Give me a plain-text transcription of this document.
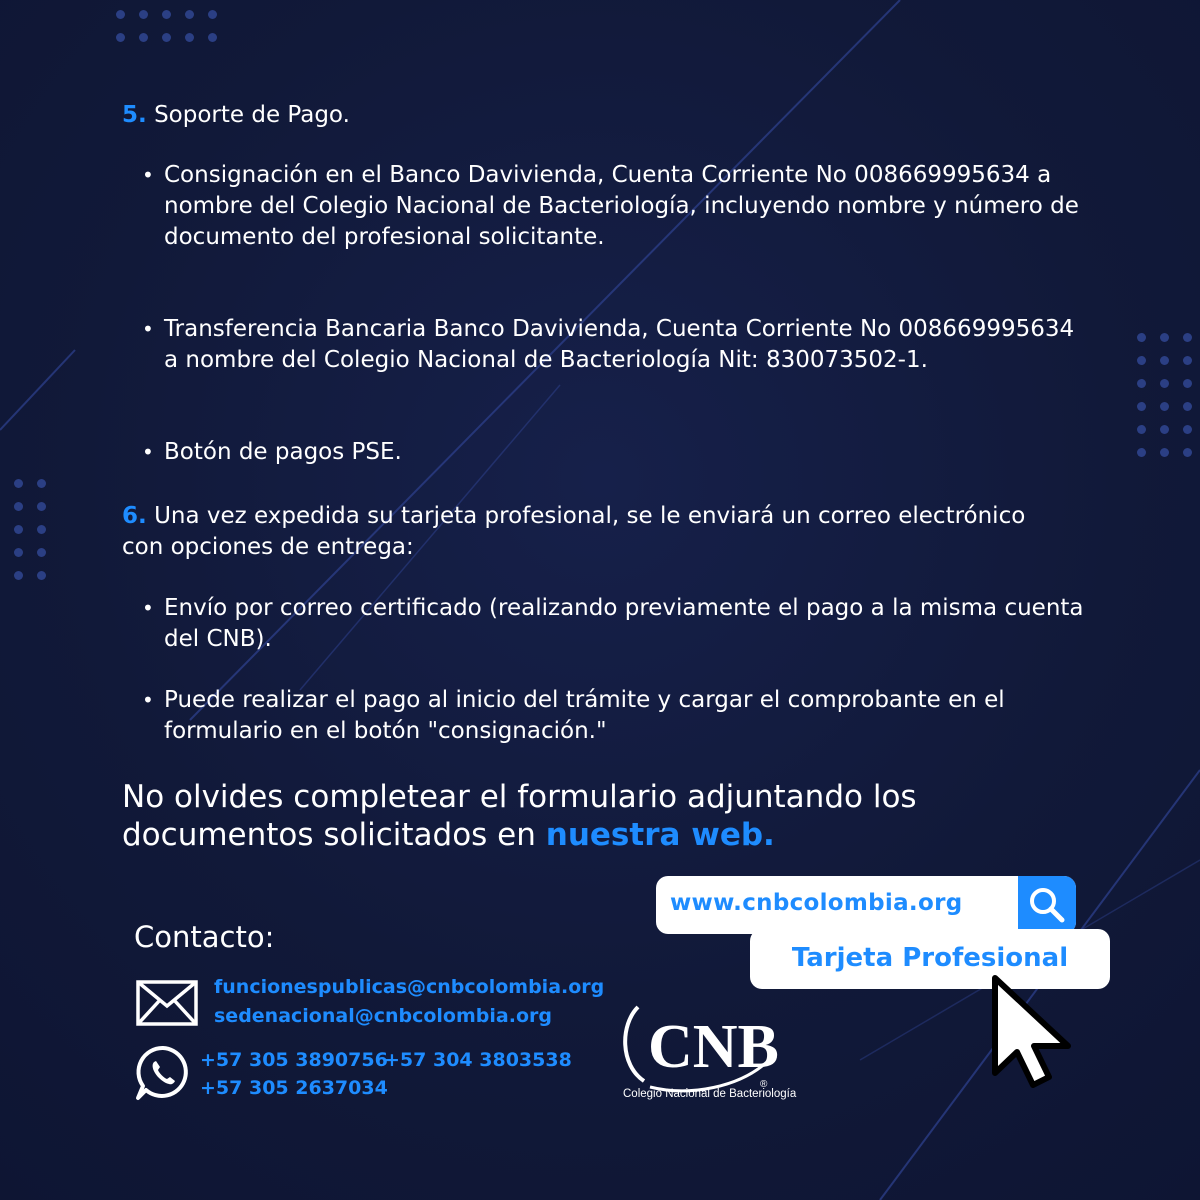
5. Soporte de Pago.

• Consignación en el Banco Davivienda, Cuenta Corriente No 008669995634 a nombre del Colegio Nacional de Bacteriología, incluyendo nombre y número de documento del profesional solicitante.

• Transferencia Bancaria Banco Davivienda, Cuenta Corriente No 008669995634 a nombre del Colegio Nacional de Bacteriología Nit: 830073502-1.

• Botón de pagos PSE.

6. Una vez expedida su tarjeta profesional, se le enviará un correo electrónico con opciones de entrega:

• Envío por correo certificado (realizando previamente el pago a la misma cuenta del CNB).

• Puede realizar el pago al inicio del trámite y cargar el comprobante en el formulario en el botón "consignación."

No olvides completear el formulario adjuntando los documentos solicitados en nuestra web.

Contacto:
funcionespublicas@cnbcolombia.org
sedenacional@cnbcolombia.org
+57 305 3890756
+57 304 3803538
+57 305 2637034
www.cnbcolombia.org
Tarjeta Profesional
CNB
®
Colegio Nacional de Bacteriología
